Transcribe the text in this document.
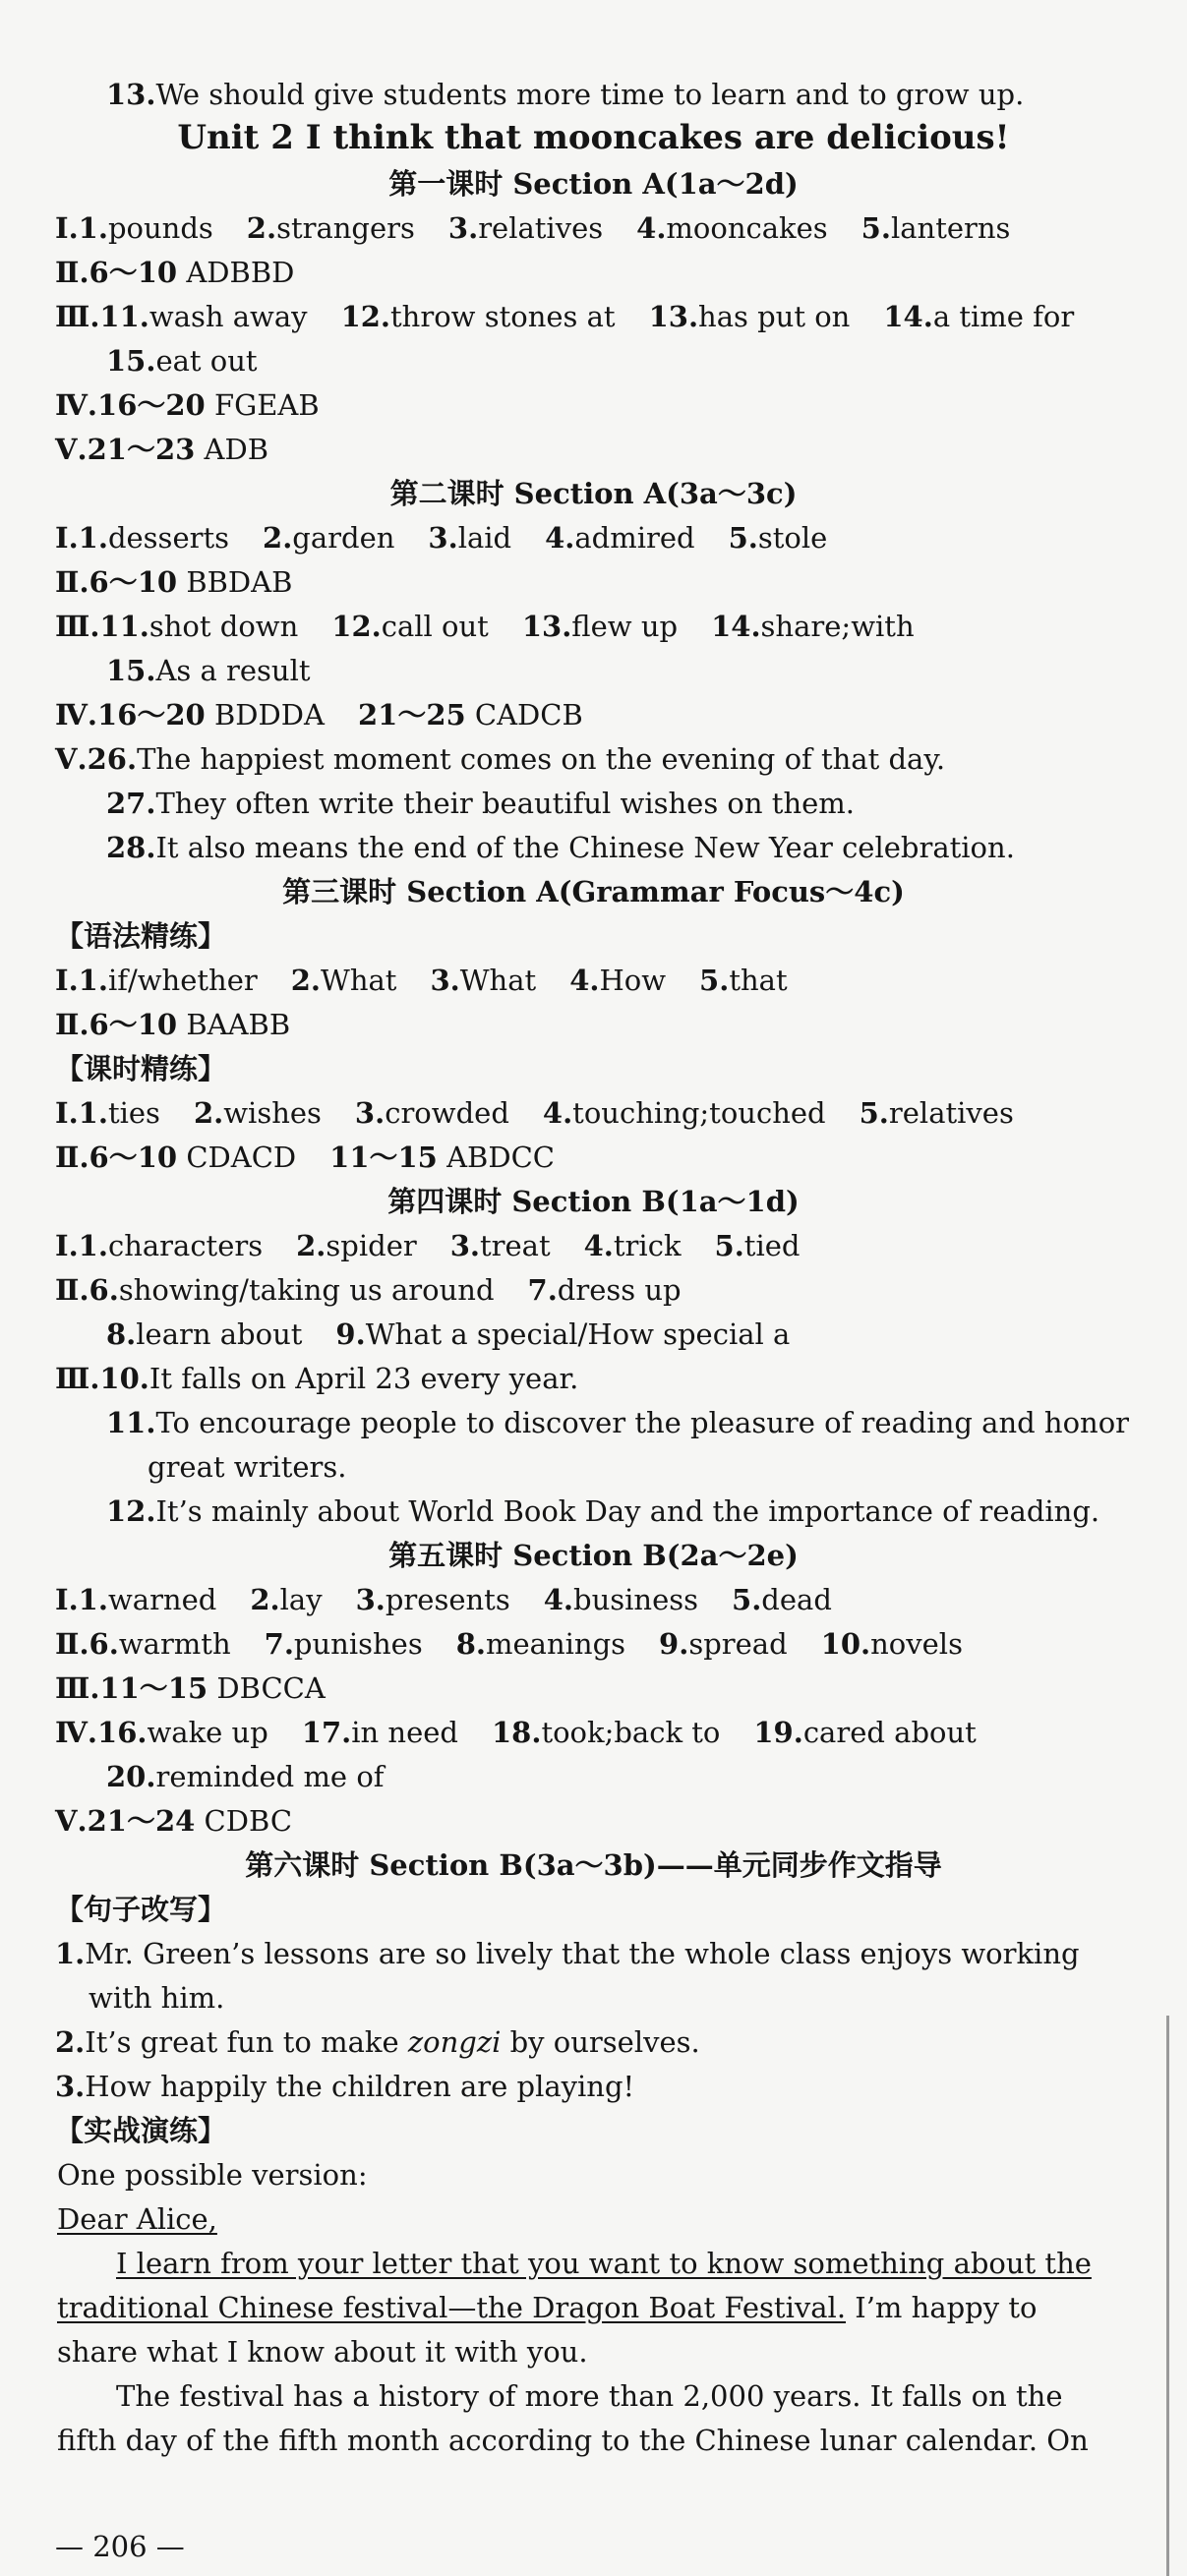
13.We should give students more time to learn and to grow up.
Unit 2 I think that mooncakes are delicious!
第一课时 Section A(1a～2d)
Ⅰ.1.pounds 2.strangers 3.relatives 4.mooncakes 5.lanterns
Ⅱ.6～10 ADBBD
Ⅲ.11.wash away 12.throw stones at 13.has put on 14.a time for
15.eat out
Ⅳ.16～20 FGEAB
Ⅴ.21～23 ADB
第二课时 Section A(3a～3c)
Ⅰ.1.desserts 2.garden 3.laid 4.admired 5.stole
Ⅱ.6～10 BBDAB
Ⅲ.11.shot down 12.call out 13.flew up 14.share;with
15.As a result
Ⅳ.16～20 BDDDA 21～25 CADCB
Ⅴ.26.The happiest moment comes on the evening of that day.
27.They often write their beautiful wishes on them.
28.It also means the end of the Chinese New Year celebration.
第三课时 Section A(Grammar Focus～4c)
【语法精练】
Ⅰ.1.if/whether 2.What 3.What 4.How 5.that
Ⅱ.6～10 BAABB
【课时精练】
Ⅰ.1.ties 2.wishes 3.crowded 4.touching;touched 5.relatives
Ⅱ.6～10 CDACD 11～15 ABDCC
第四课时 Section B(1a～1d)
Ⅰ.1.characters 2.spider 3.treat 4.trick 5.tied
Ⅱ.6.showing/taking us around 7.dress up
8.learn about 9.What a special/How special a
Ⅲ.10.It falls on April 23 every year.
11.To encourage people to discover the pleasure of reading and honor
great writers.
12.It’s mainly about World Book Day and the importance of reading.
第五课时 Section B(2a～2e)
Ⅰ.1.warned 2.lay 3.presents 4.business 5.dead
Ⅱ.6.warmth 7.punishes 8.meanings 9.spread 10.novels
Ⅲ.11～15 DBCCA
Ⅳ.16.wake up 17.in need 18.took;back to 19.cared about
20.reminded me of
Ⅴ.21～24 CDBC
第六课时 Section B(3a～3b)——单元同步作文指导
【句子改写】
1.Mr. Green’s lessons are so lively that the whole class enjoys working
with him.
2.It’s great fun to make zongzi by ourselves.
3.How happily the children are playing!
【实战演练】
One possible version:
Dear Alice,
I learn from your letter that you want to know something about the
traditional Chinese festival—the Dragon Boat Festival. I’m happy to
share what I know about it with you.
The festival has a history of more than 2,000 years. It falls on the
fifth day of the fifth month according to the Chinese lunar calendar. On
— 206 —
